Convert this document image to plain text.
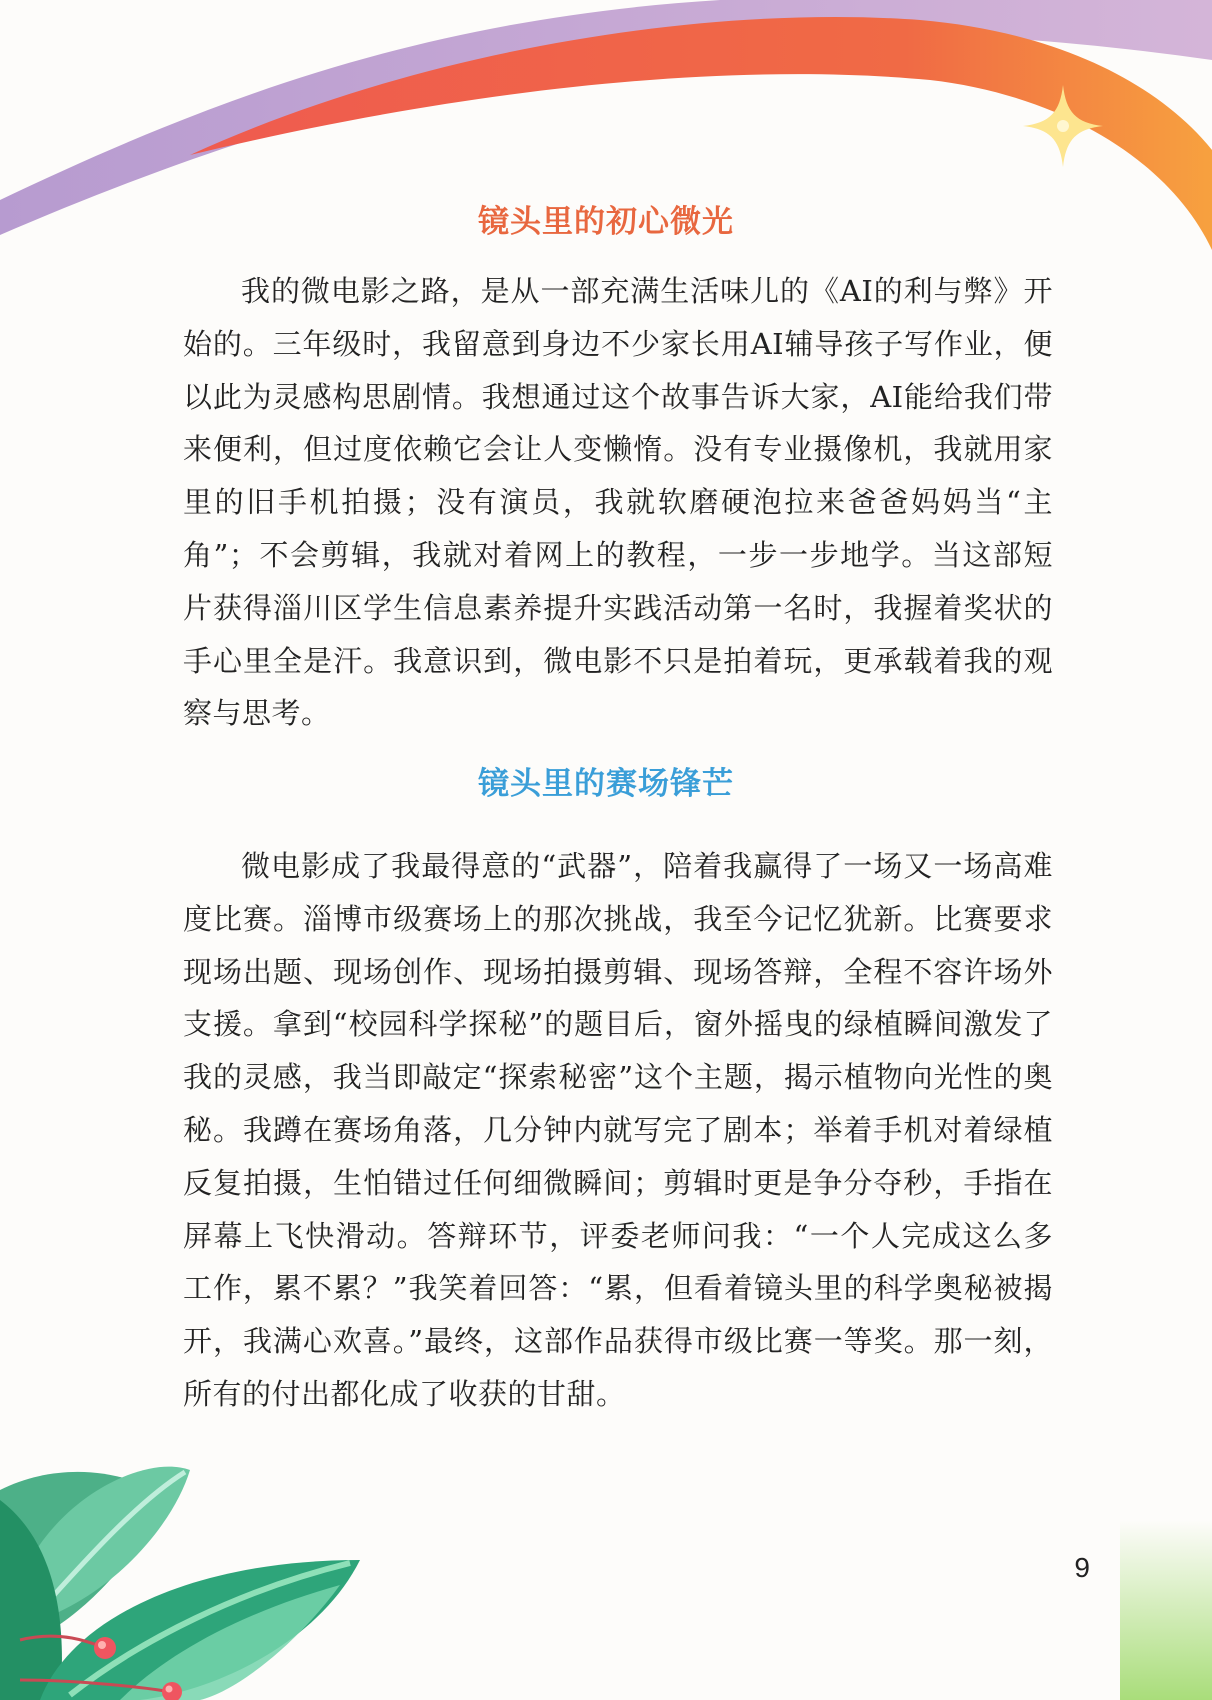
镜头里的初心微光

我的微电影之路，是从一部充满生活味儿的《AI的利与弊》开始的。三年级时，我留意到身边不少家长用AI辅导孩子写作业，便以此为灵感构思剧情。我想通过这个故事告诉大家，AI能给我们带来便利，但过度依赖它会让人变懒惰。没有专业摄像机，我就用家里的旧手机拍摄；没有演员，我就软磨硬泡拉来爸爸妈妈当“主角”；不会剪辑，我就对着网上的教程，一步一步地学。当这部短片获得淄川区学生信息素养提升实践活动第一名时，我握着奖状的手心里全是汗。我意识到，微电影不只是拍着玩，更承载着我的观察与思考。

镜头里的赛场锋芒

微电影成了我最得意的“武器”，陪着我赢得了一场又一场高难度比赛。淄博市级赛场上的那次挑战，我至今记忆犹新。比赛要求现场出题、现场创作、现场拍摄剪辑、现场答辩，全程不容许场外支援。拿到“校园科学探秘”的题目后，窗外摇曳的绿植瞬间激发了我的灵感，我当即敲定“探索秘密”这个主题，揭示植物向光性的奥秘。我蹲在赛场角落，几分钟内就写完了剧本；举着手机对着绿植反复拍摄，生怕错过任何细微瞬间；剪辑时更是争分夺秒，手指在屏幕上飞快滑动。答辩环节，评委老师问我：“一个人完成这么多工作，累不累？”我笑着回答：“累，但看着镜头里的科学奥秘被揭开，我满心欢喜。”最终，这部作品获得市级比赛一等奖。那一刻，所有的付出都化成了收获的甘甜。

9
